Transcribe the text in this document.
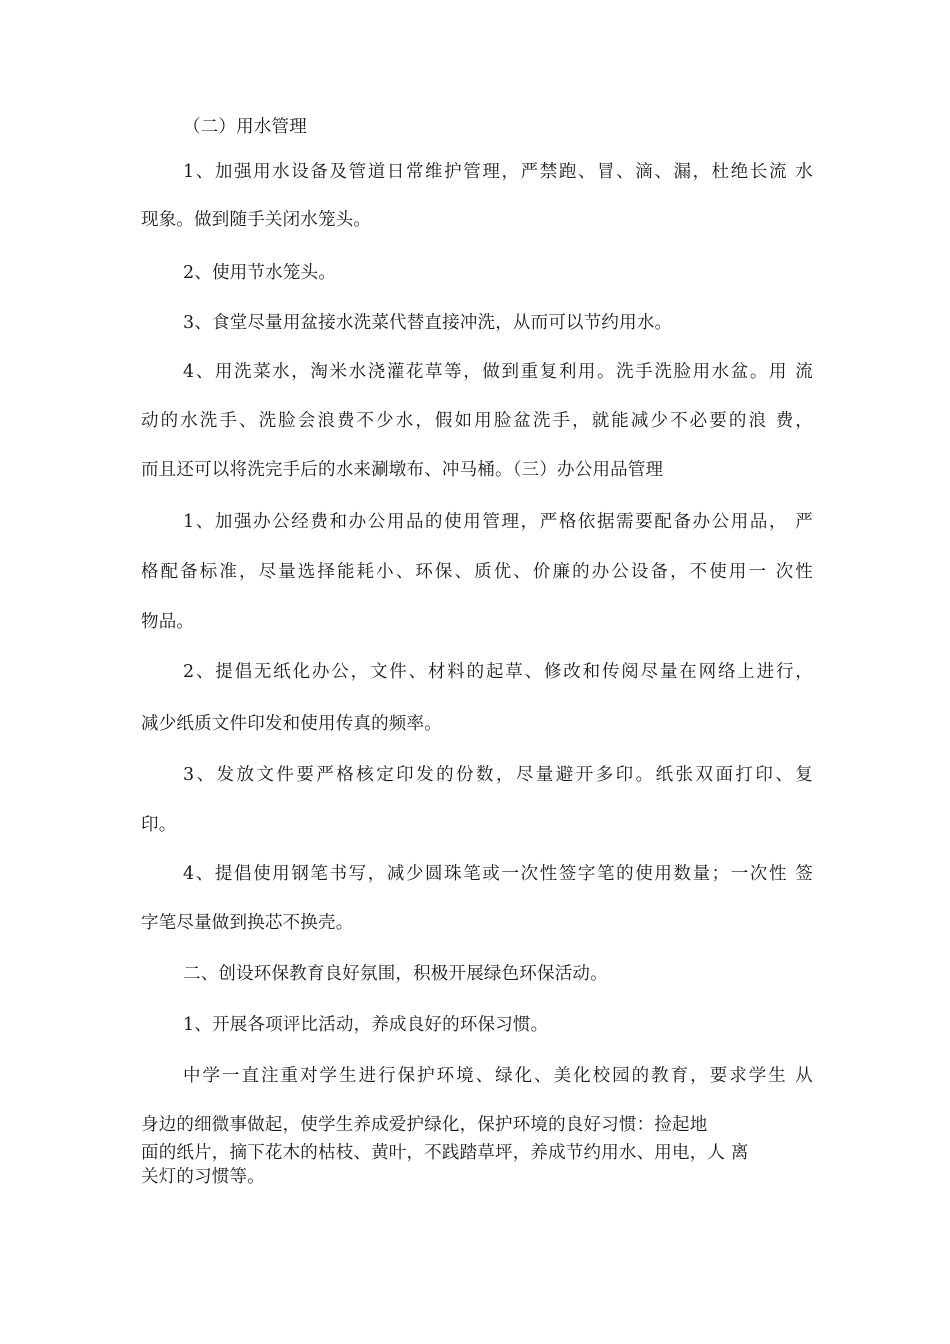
（二）用水管理
1、加强用水设备及管道日常维护管理，严禁跑、冒、滴、漏，杜绝长流 水
现象。做到随手关闭水笼头。
2、使用节水笼头。
3、食堂尽量用盆接水洗菜代替直接冲洗，从而可以节约用水。
4、用洗菜水，淘米水浇灌花草等，做到重复利用。洗手洗脸用水盆。用 流
动的水洗手、洗脸会浪费不少水，假如用脸盆洗手，就能减少不必要的浪 费，
而且还可以将洗完手后的水来涮墩布、冲马桶。（三）办公用品管理
1、加强办公经费和办公用品的使用管理，严格依据需要配备办公用品， 严
格配备标准，尽量选择能耗小、环保、质优、价廉的办公设备，不使用一 次性
物品。
2、提倡无纸化办公，文件、材料的起草、修改和传阅尽量在网络上进行，
减少纸质文件印发和使用传真的频率。
3、发放文件要严格核定印发的份数，尽量避开多印。纸张双面打印、复
印。
4、提倡使用钢笔书写，减少圆珠笔或一次性签字笔的使用数量；一次性 签
字笔尽量做到换芯不换壳。
二、创设环保教育良好氛围，积极开展绿色环保活动。
1、开展各项评比活动，养成良好的环保习惯。
中学一直注重对学生进行保护环境、绿化、美化校园的教育，要求学生 从
身边的细微事做起，使学生养成爱护绿化，保护环境的良好习惯：捡起地
面的纸片，摘下花木的枯枝、黄叶，不践踏草坪，养成节约用水、用电，人 离
关灯的习惯等。
